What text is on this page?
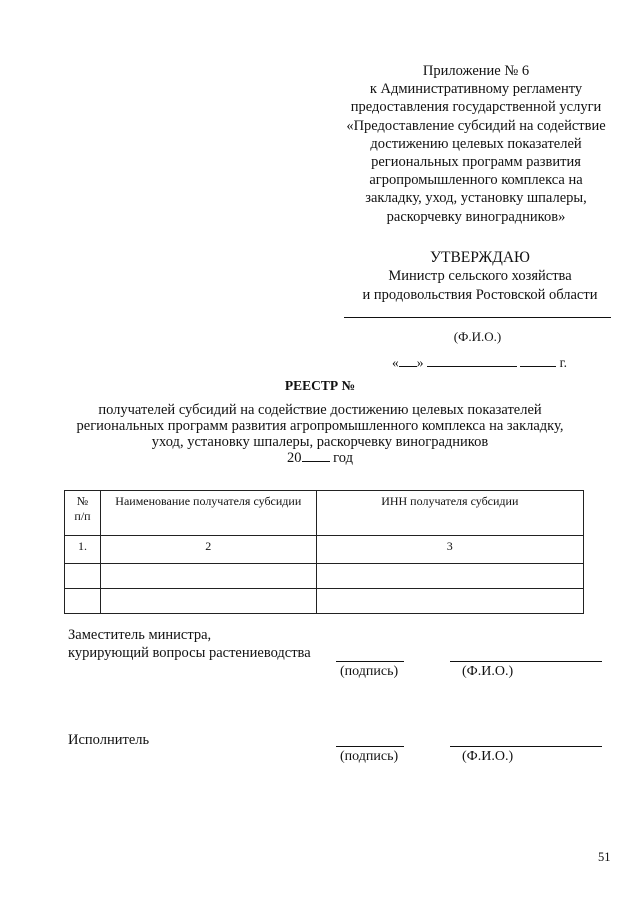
Приложение № 6
к Административному регламенту
предоставления государственной услуги
«Предоставление субсидий на содействие
достижению целевых показателей
региональных программ развития
агропромышленного комплекса на
закладку, уход, установку шпалеры,
раскорчевку виноградников»
УТВЕРЖДАЮ
Министр сельского хозяйства
и продовольствия Ростовской области
(Ф.И.О.)
« »	г.
РЕЕСТР №
получателей субсидий на содействие достижению целевых показателей
региональных программ развития агропромышленного комплекса на закладку,
уход, установку шпалеры, раскорчевку виноградников
20 год
№ п/п	Наименование получателя субсидии	ИНН получателя субсидии
1.	2	3

Заместитель министра,
курирующий вопросы растениеводства
(подпись)	(Ф.И.О.)
Исполнитель
(подпись)	(Ф.И.О.)
51
